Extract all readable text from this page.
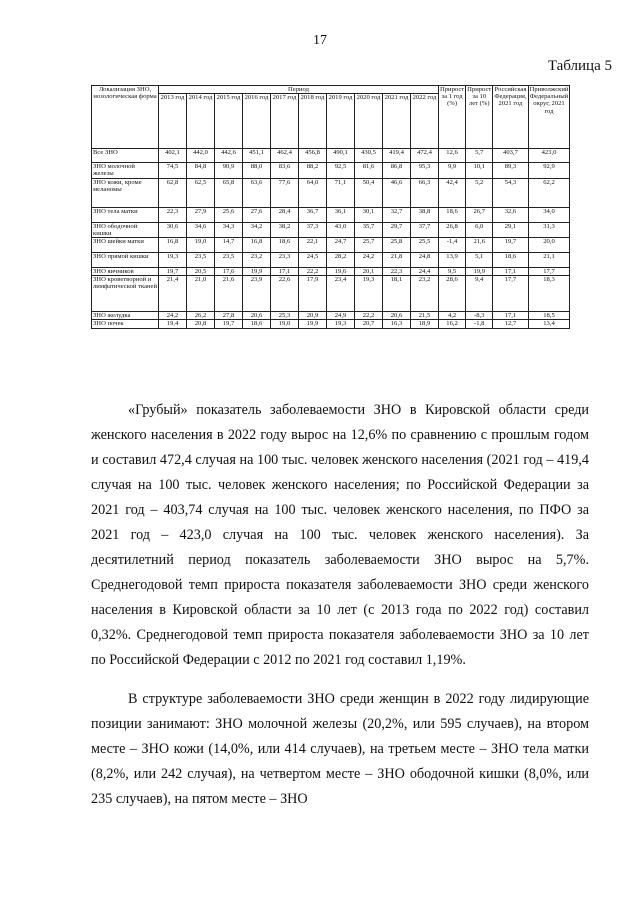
17
Таблица 5
Локализация ЗНО, нозологическая форма	Период										Прирост за 1 год (%)	Прирост за 10 лет (%)	Российская Федерация, 2021 год	Приволжский Федеральный округ, 2021 год
	2013 год	2014 год	2015 год	2016 год	2017 год	2018 год	2019 год	2020 год	2021 год	2022 год				
Все ЗНО	402,1	442,0	442,6	451,1	462,4	456,8	490,1	430,5	419,4	472,4	12,6	5,7	403,7	423,0
ЗНО молочной железы	74,5	84,8	90,9	88,0	83,6	88,2	92,5	81,6	86,8	95,3	9,9	10,1	89,3	92,9
ЗНО кожи, кроме меланомы	62,8	62,5	65,8	63,6	77,6	64,0	71,1	50,4	46,6	66,3	42,4	5,2	54,3	62,2
ЗНО тела матки	22,3	27,9	25,6	27,6	28,4	36,7	36,1	30,1	32,7	38,8	18,6	26,7	32,6	34,0
ЗНО ободочной кишки	30,6	34,6	34,3	34,2	38,2	37,3	43,0	35,7	29,7	37,7	26,8	6,0	29,1	31,3
ЗНО шейки матки	16,8	19,0	14,7	16,8	18,6	22,1	24,7	25,7	25,8	25,5	-1,4	21,6	19,7	20,0
ЗНО прямой кишки	19,3	23,5	23,5	23,2	23,3	24,5	28,2	24,2	21,8	24,8	13,9	5,1	18,6	21,1
ЗНО яичников	19,7	20,5	17,6	19,9	17,1	22,2	19,6	20,1	22,3	24,4	9,5	19,9	17,1	17,7
ЗНО кроветворной и лимфатической тканей	21,4	21,0	21,6	23,9	22,6	17,9	23,4	19,3	18,1	23,2	28,6	9,4	17,7	18,3
ЗНО желудка	24,2	26,2	27,8	20,6	25,3	20,9	24,9	22,2	20,6	21,5	4,2	-8,3	17,1	18,5
ЗНО почек	19,4	20,8	19,7	18,6	19,0	19,9	19,3	20,7	16,3	18,9	16,2	-1,8	12,7	13,4

«Грубый» показатель заболеваемости ЗНО в Кировской области среди женского населения в 2022 году вырос на 12,6% по сравнению с прошлым годом и составил 472,4 случая на 100 тыс. человек женского населения (2021 год – 419,4 случая на 100 тыс. человек женского населения; по Российской Федерации за 2021 год – 403,74 случая на 100 тыс. человек женского населения, по ПФО за 2021 год – 423,0 случая на 100 тыс. человек женского населения). За десятилетний период показатель заболеваемости ЗНО вырос на 5,7%. Среднегодовой темп прироста показателя заболеваемости ЗНО среди женского населения в Кировской области за 10 лет (с 2013 года по 2022 год) составил 0,32%. Среднегодовой темп прироста показателя заболеваемости ЗНО за 10 лет по Российской Федерации с 2012 по 2021 год составил 1,19%.

В структуре заболеваемости ЗНО среди женщин в 2022 году лидирующие позиции занимают: ЗНО молочной железы (20,2%, или 595 случаев), на втором месте – ЗНО кожи (14,0%, или 414 случаев), на третьем месте – ЗНО тела матки (8,2%, или 242 случая), на четвертом месте – ЗНО ободочной кишки (8,0%, или 235 случаев), на пятом месте – ЗНО
